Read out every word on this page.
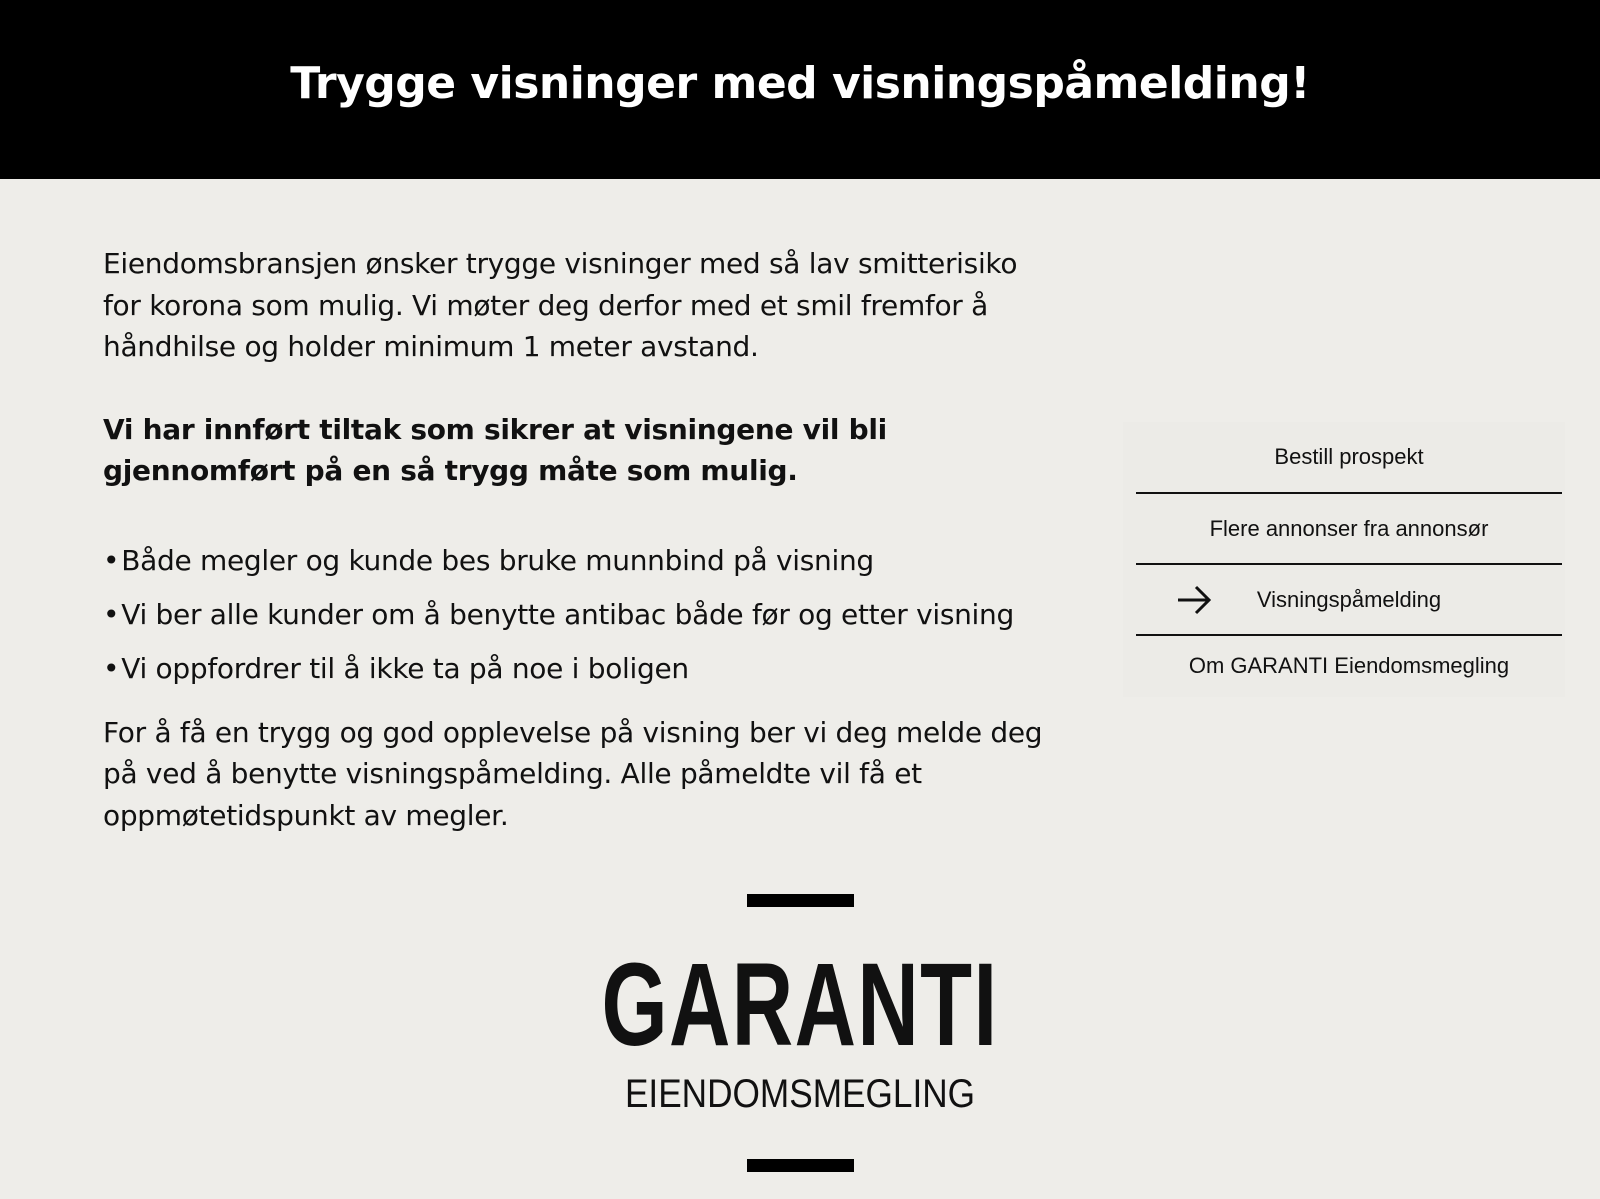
Trygge visninger med visningspåmelding!

Eiendomsbransjen ønsker trygge visninger med så lav smitterisiko for korona som mulig. Vi møter deg derfor med et smil fremfor å håndhilse og holder minimum 1 meter avstand.

Vi har innført tiltak som sikrer at visningene vil bli gjennomført på en så trygg måte som mulig.

• Både megler og kunde bes bruke munnbind på visning
• Vi ber alle kunder om å benytte antibac både før og etter visning
• Vi oppfordrer til å ikke ta på noe i boligen

For å få en trygg og god opplevelse på visning ber vi deg melde deg på ved å benytte visningspåmelding. Alle påmeldte vil få et oppmøtetidspunkt av megler.

Bestill prospekt
Flere annonser fra annonsør
Visningspåmelding
Om GARANTI Eiendomsmegling
GARANTI
EIENDOMSMEGLING
